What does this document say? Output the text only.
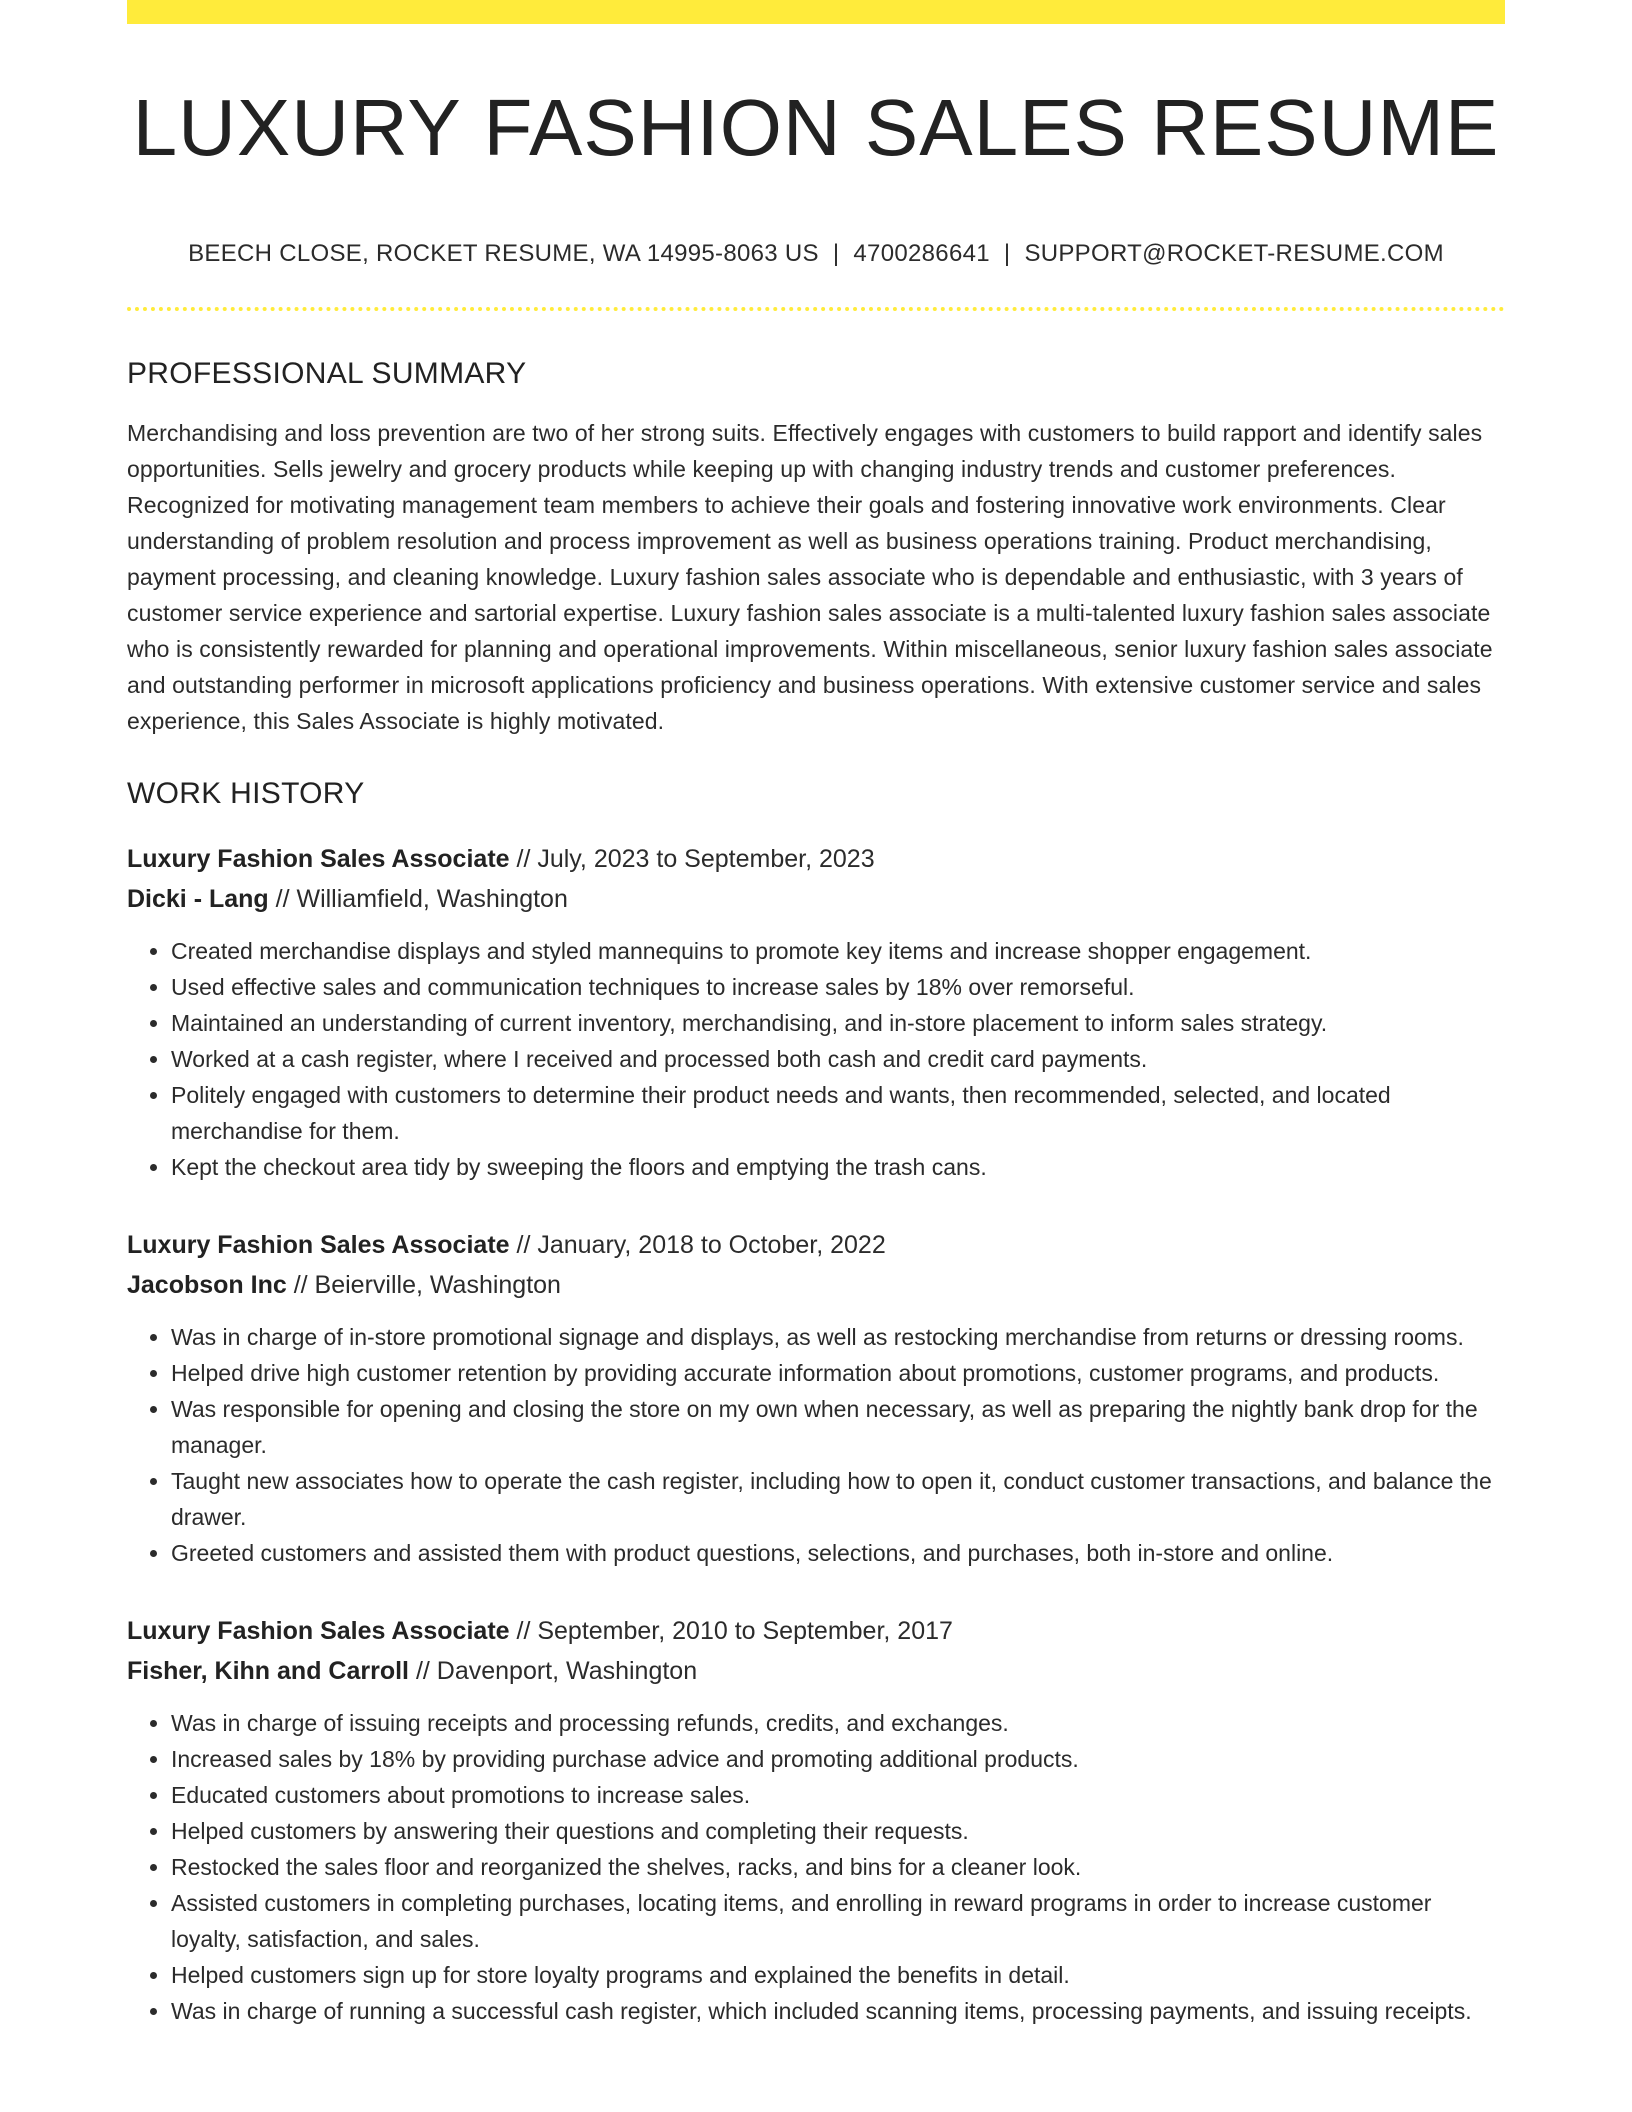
LUXURY FASHION SALES RESUME
BEECH CLOSE, ROCKET RESUME, WA 14995-8063 US | 4700286641 | SUPPORT@ROCKET-RESUME.COM
PROFESSIONAL SUMMARY

Merchandising and loss prevention are two of her strong suits. Effectively engages with customers to build rapport and identify sales opportunities. Sells jewelry and grocery products while keeping up with changing industry trends and customer preferences. Recognized for motivating management team members to achieve their goals and fostering innovative work environments. Clear understanding of problem resolution and process improvement as well as business operations training. Product merchandising, payment processing, and cleaning knowledge. Luxury fashion sales associate who is dependable and enthusiastic, with 3 years of customer service experience and sartorial expertise. Luxury fashion sales associate is a multi-talented luxury fashion sales associate who is consistently rewarded for planning and operational improvements. Within miscellaneous, senior luxury fashion sales associate and outstanding performer in microsoft applications proficiency and business operations. With extensive customer service and sales experience, this Sales Associate is highly motivated.

WORK HISTORY
Luxury Fashion Sales Associate // July, 2023 to September, 2023
Dicki - Lang // Williamfield, Washington
• Created merchandise displays and styled mannequins to promote key items and increase shopper engagement.
• Used effective sales and communication techniques to increase sales by 18% over remorseful.
• Maintained an understanding of current inventory, merchandising, and in-store placement to inform sales strategy.
• Worked at a cash register, where I received and processed both cash and credit card payments.
• Politely engaged with customers to determine their product needs and wants, then recommended, selected, and located merchandise for them.
• Kept the checkout area tidy by sweeping the floors and emptying the trash cans.
Luxury Fashion Sales Associate // January, 2018 to October, 2022
Jacobson Inc // Beierville, Washington
• Was in charge of in-store promotional signage and displays, as well as restocking merchandise from returns or dressing rooms.
• Helped drive high customer retention by providing accurate information about promotions, customer programs, and products.
• Was responsible for opening and closing the store on my own when necessary, as well as preparing the nightly bank drop for the manager.
• Taught new associates how to operate the cash register, including how to open it, conduct customer transactions, and balance the drawer.
• Greeted customers and assisted them with product questions, selections, and purchases, both in-store and online.
Luxury Fashion Sales Associate // September, 2010 to September, 2017
Fisher, Kihn and Carroll // Davenport, Washington
• Was in charge of issuing receipts and processing refunds, credits, and exchanges.
• Increased sales by 18% by providing purchase advice and promoting additional products.
• Educated customers about promotions to increase sales.
• Helped customers by answering their questions and completing their requests.
• Restocked the sales floor and reorganized the shelves, racks, and bins for a cleaner look.
• Assisted customers in completing purchases, locating items, and enrolling in reward programs in order to increase customer loyalty, satisfaction, and sales.
• Helped customers sign up for store loyalty programs and explained the benefits in detail.
• Was in charge of running a successful cash register, which included scanning items, processing payments, and issuing receipts.
